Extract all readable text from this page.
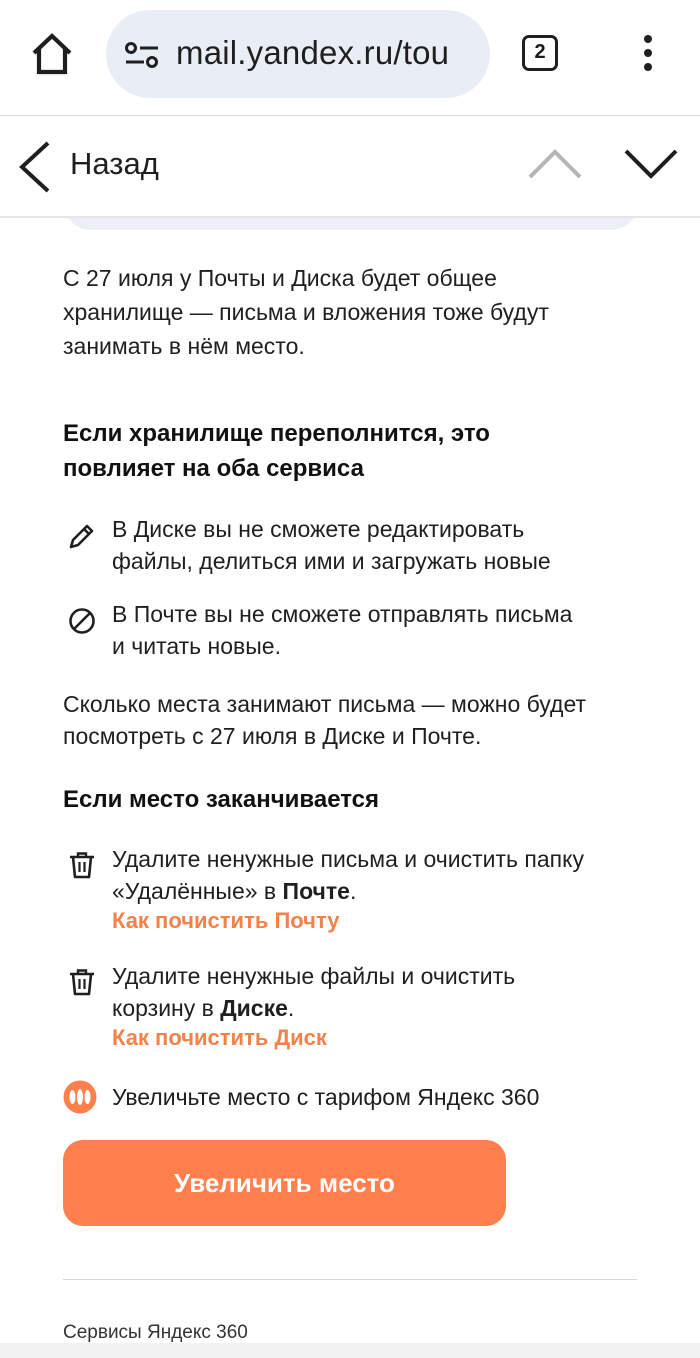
mail.yandex.ru/tou	2
Назад
С 27 июля у Почты и Диска будет общее
хранилище — письма и вложения тоже будут
занимать в нём место.
Если хранилище переполнится, это
повлияет на оба сервиса
В Диске вы не сможете редактировать
файлы, делиться ими и загружать новые
В Почте вы не сможете отправлять письма
и читать новые.
Сколько места занимают письма — можно будет
посмотреть с 27 июля в Диске и Почте.
Если место заканчивается
Удалите ненужные письма и очистить папку
«Удалённые» в Почте.
Как почистить Почту
Удалите ненужные файлы и очистить
корзину в Диске.
Как почистить Диск
Увеличьте место с тарифом Яндекс 360
Увеличить место
Сервисы Яндекс 360
